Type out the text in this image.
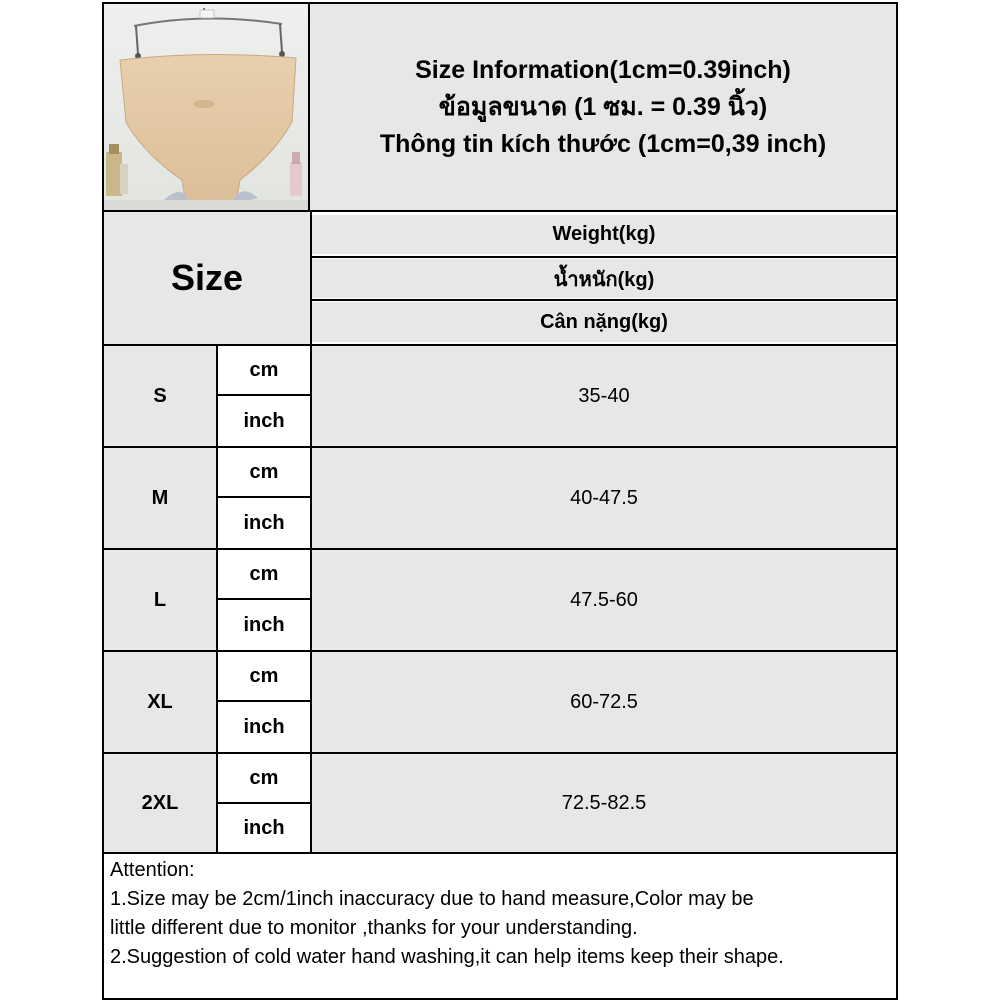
Size Information(1cm=0.39inch)
ข้อมูลขนาด (1 ซม. = 0.39 นิ้ว)
Thông tin kích thước (1cm=0,39 inch)
Size
Weight(kg)
น้ำหนัก(kg)
Cân nặng(kg)
S
cm
inch
35-40
M
cm
inch
40-47.5
L
cm
inch
47.5-60
XL
cm
inch
60-72.5
2XL
cm
inch
72.5-82.5
Attention:
1.Size may be 2cm/1inch inaccuracy due to hand measure,Color may be
little different due to monitor ,thanks for your understanding.
2.Suggestion of cold water hand washing,it can help items keep their shape.
